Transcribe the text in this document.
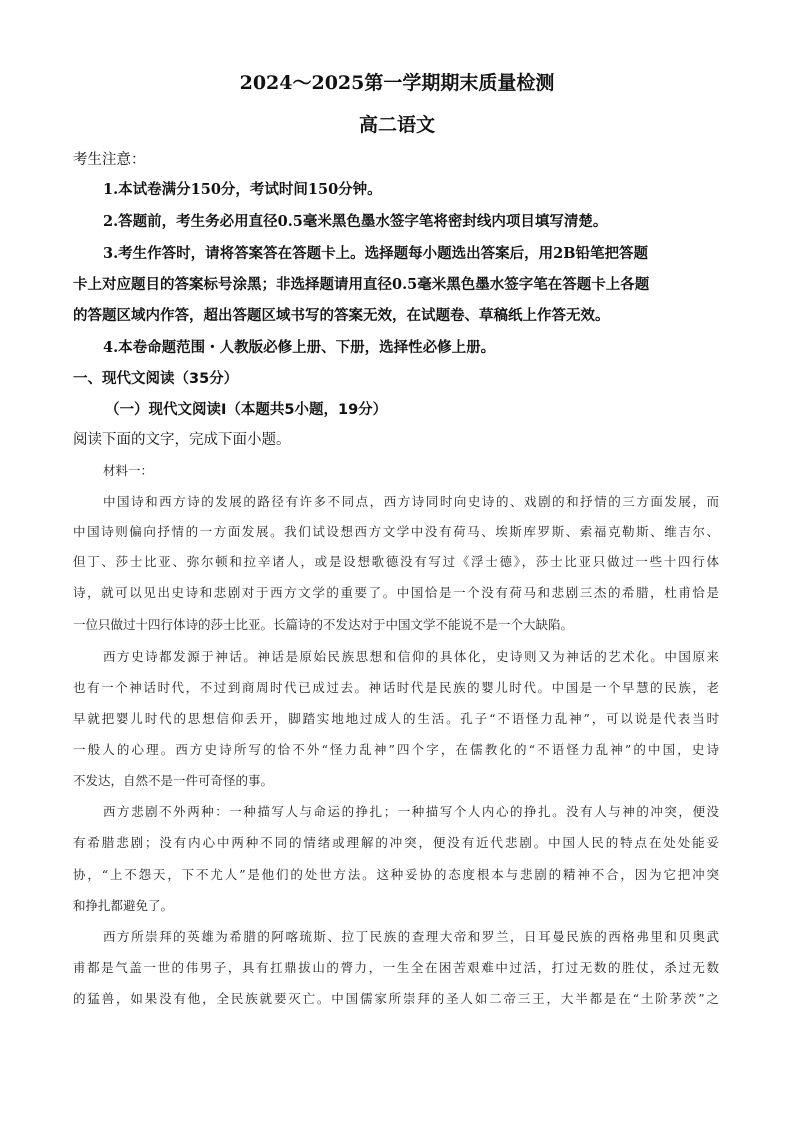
2024～2025第一学期期末质量检测
高二语文

考生注意：

1.本试卷满分150分，考试时间150分钟。

2.答题前，考生务必用直径0.5毫米黑色墨水签字笔将密封线内项目填写清楚。

3.考生作答时，请将答案答在答题卡上。选择题每小题选出答案后，用2B铅笔把答题

卡上对应题目的答案标号涂黑；非选择题请用直径0.5毫米黑色墨水签字笔在答题卡上各题

的答题区域内作答，超出答题区域书写的答案无效，在试题卷、草稿纸上作答无效。

4.本卷命题范围・人教版必修上册、下册，选择性必修上册。

一、现代文阅读（35分）

（一）现代文阅读Ⅰ（本题共5小题，19分）

阅读下面的文字，完成下面小题。

材料一：

中国诗和西方诗的发展的路径有许多不同点，西方诗同时向史诗的、戏剧的和抒情的三方面发展，而

中国诗则偏向抒情的一方面发展。我们试设想西方文学中没有荷马、埃斯库罗斯、索福克勒斯、维吉尔、

但丁、莎士比亚、弥尔顿和拉辛诸人，或是设想歌德没有写过《浮士德》，莎士比亚只做过一些十四行体

诗，就可以见出史诗和悲剧对于西方文学的重要了。中国恰是一个没有荷马和悲剧三杰的希腊，杜甫恰是

一位只做过十四行体诗的莎士比亚。长篇诗的不发达对于中国文学不能说不是一个大缺陷。

西方史诗都发源于神话。神话是原始民族思想和信仰的具体化，史诗则又为神话的艺术化。中国原来

也有一个神话时代，不过到商周时代已成过去。神话时代是民族的婴儿时代。中国是一个早慧的民族，老

早就把婴儿时代的思想信仰丢开，脚踏实地地过成人的生活。孔子“不语怪力乱神”，可以说是代表当时

一般人的心理。西方史诗所写的恰不外“怪力乱神”四个字，在儒教化的“不语怪力乱神”的中国，史诗

不发达，自然不是一件可奇怪的事。

西方悲剧不外两种：一种描写人与命运的挣扎；一种描写个人内心的挣扎。没有人与神的冲突，便没

有希腊悲剧；没有内心中两种不同的情绪或理解的冲突，便没有近代悲剧。中国人民的特点在处处能妥

协，“上不怨天，下不尤人”是他们的处世方法。这种妥协的态度根本与悲剧的精神不合，因为它把冲突

和挣扎都避免了。

西方所崇拜的英雄为希腊的阿喀琉斯、拉丁民族的查理大帝和罗兰，日耳曼民族的西格弗里和贝奥武

甫都是气盖一世的伟男子，具有扛鼎拔山的膂力，一生全在困苦艰难中过活，打过无数的胜仗，杀过无数

的猛兽，如果没有他，全民族就要灭亡。中国儒家所崇拜的圣人如二帝三王，大半都是在“土阶茅茨”之
